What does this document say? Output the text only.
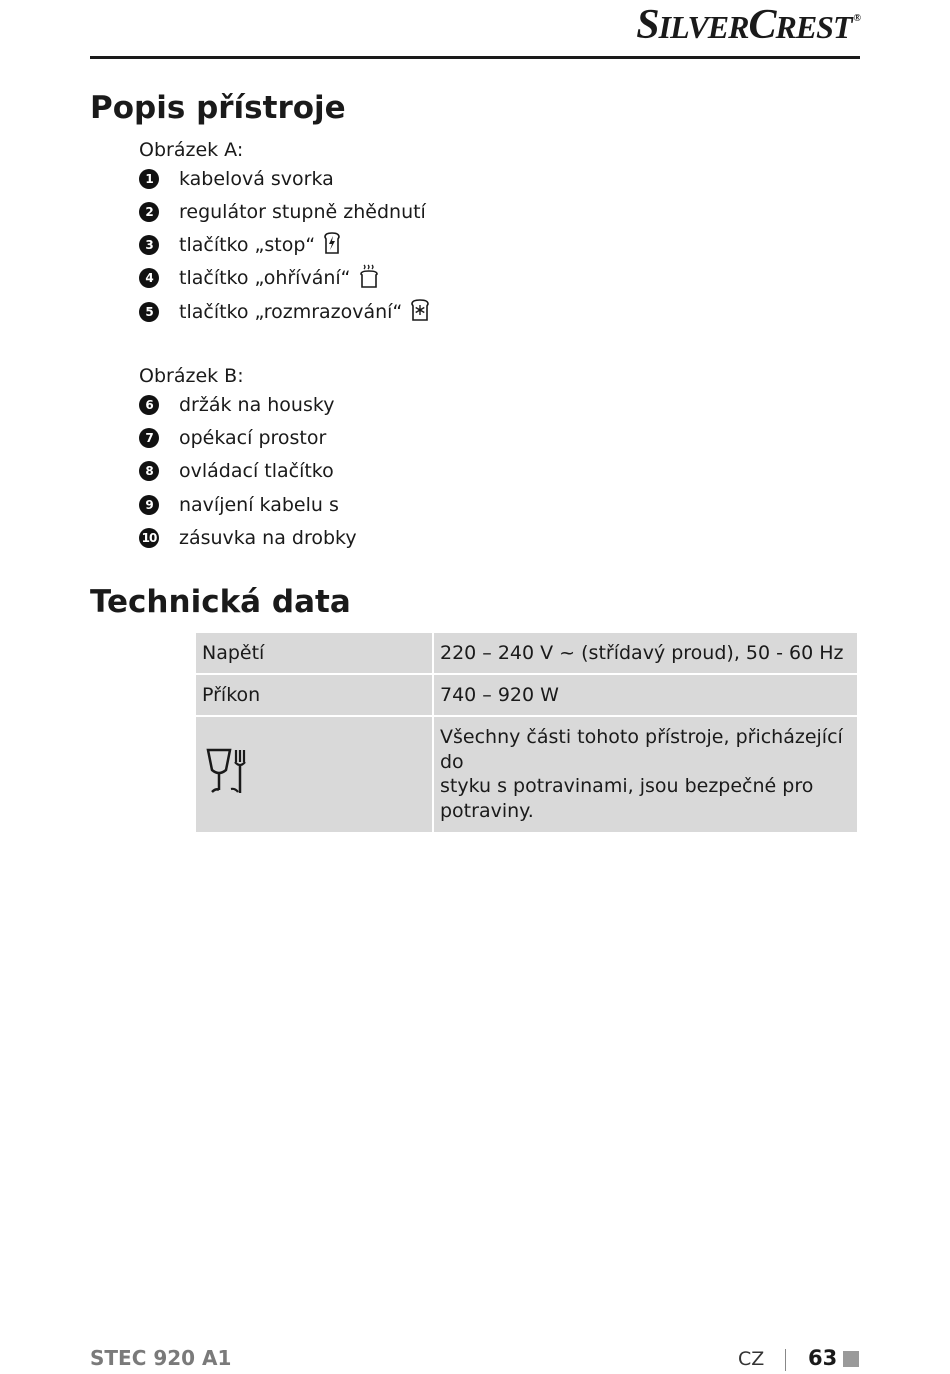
SILVERCREST ®
Popis přístroje
Obrázek A:
1	kabelová svorka
2	regulátor stupně zhědnutí
3	tlačítko „stop“
4	tlačítko „ohřívání“
5	tlačítko „rozmrazování“
Obrázek B:
6	držák na housky
7	opékací prostor
8	ovládací tlačítko
9	navíjení kabelu s
10 zásuvka na drobky
Technická data
Napětí	220 – 240 V ~ (střídavý proud), 50 - 60 Hz
Příkon	740 – 920 W

Všechny části tohoto přístroje, přicházející do
styku s potravinami, jsou bezpečné pro potraviny.
STEC 920 A1	CZ 63
